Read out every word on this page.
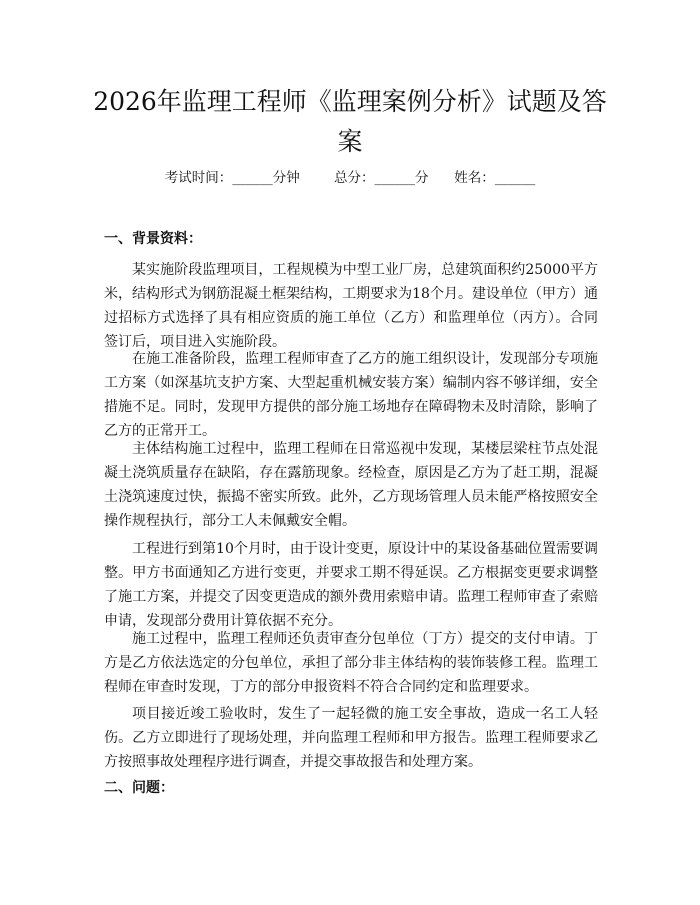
2026年监理工程师《监理案例分析》试题及答案
考试时间：______分钟	总分：______分 姓名：______
一、背景资料：

某实施阶段监理项目，工程规模为中型工业厂房，总建筑面积约25000平方米，结构形式为钢筋混凝土框架结构，工期要求为18个月。建设单位（甲方）通过招标方式选择了具有相应资质的施工单位（乙方）和监理单位（丙方）。合同签订后，项目进入实施阶段。

在施工准备阶段，监理工程师审查了乙方的施工组织设计，发现部分专项施工方案（如深基坑支护方案、大型起重机械安装方案）编制内容不够详细，安全措施不足。同时，发现甲方提供的部分施工场地存在障碍物未及时清除，影响了乙方的正常开工。

主体结构施工过程中，监理工程师在日常巡视中发现，某楼层梁柱节点处混凝土浇筑质量存在缺陷，存在露筋现象。经检查，原因是乙方为了赶工期，混凝土浇筑速度过快，振捣不密实所致。此外，乙方现场管理人员未能严格按照安全操作规程执行，部分工人未佩戴安全帽。

工程进行到第10个月时，由于设计变更，原设计中的某设备基础位置需要调整。甲方书面通知乙方进行变更，并要求工期不得延误。乙方根据变更要求调整了施工方案，并提交了因变更造成的额外费用索赔申请。监理工程师审查了索赔申请，发现部分费用计算依据不充分。

施工过程中，监理工程师还负责审查分包单位（丁方）提交的支付申请。丁方是乙方依法选定的分包单位，承担了部分非主体结构的装饰装修工程。监理工程师在审查时发现，丁方的部分申报资料不符合合同约定和监理要求。

项目接近竣工验收时，发生了一起轻微的施工安全事故，造成一名工人轻伤。乙方立即进行了现场处理，并向监理工程师和甲方报告。监理工程师要求乙方按照事故处理程序进行调查，并提交事故报告和处理方案。

二、问题：
